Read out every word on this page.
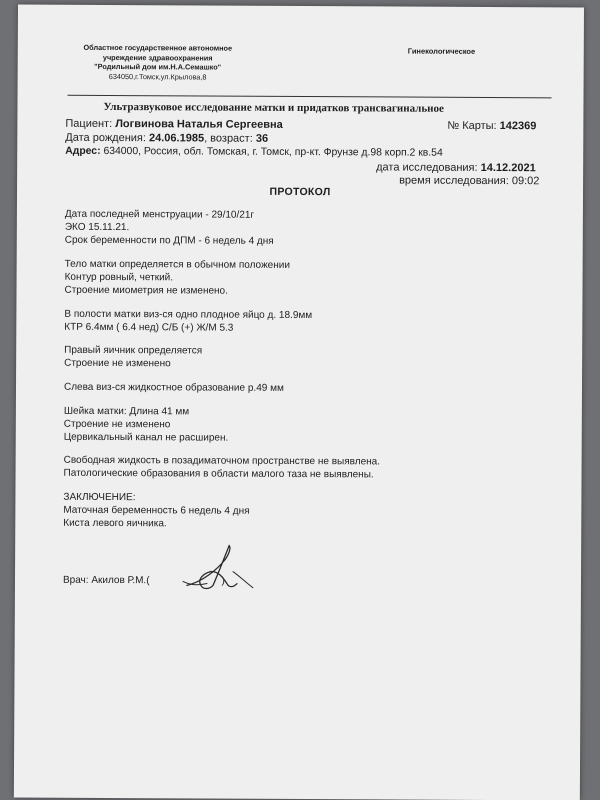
Областное государственное автономное
учреждение здравоохранения
"Родильный дом им.Н.А.Семашко"
634050,г.Томск,ул.Крылова,8
Гинекологическое
Ультразвуковое исследование матки и придатков трансвагинальное
Пациент: Логвинова Наталья Сергеевна	№ Карты: 142369
Дата рождения: 24.06.1985, возраст: 36
Адрес: 634000, Россия, обл. Томская, г. Томск, пр-кт. Фрунзе д.98 корп.2 кв.54
дата исследования: 14.12.2021
время исследования: 09:02
ПРОТОКОЛ
Дата последней менструации - 29/10/21г
ЭКО 15.11.21.
Срок беременности по ДПМ - 6 недель 4 дня
Тело матки определяется в обычном положении
Контур ровный, четкий.
Строение миометрия не изменено.
В полости матки виз-ся одно плодное яйцо д. 18.9мм
КТР 6.4мм ( 6.4 нед) С/Б (+) Ж/М 5.3
Правый яичник определяется
Строение не изменено
Слева виз-ся жидкостное образование р.49 мм
Шейка матки: Длина 41 мм
Строение не изменено
Цервикальный канал не расширен.
Свободная жидкость в позадиматочном пространстве не выявлена.
Патологические образования в области малого таза не выявлены.
ЗАКЛЮЧЕНИЕ:
Маточная беременность 6 недель 4 дня
Киста левого яичника.
Врач: Акилов Р.М.(	)
